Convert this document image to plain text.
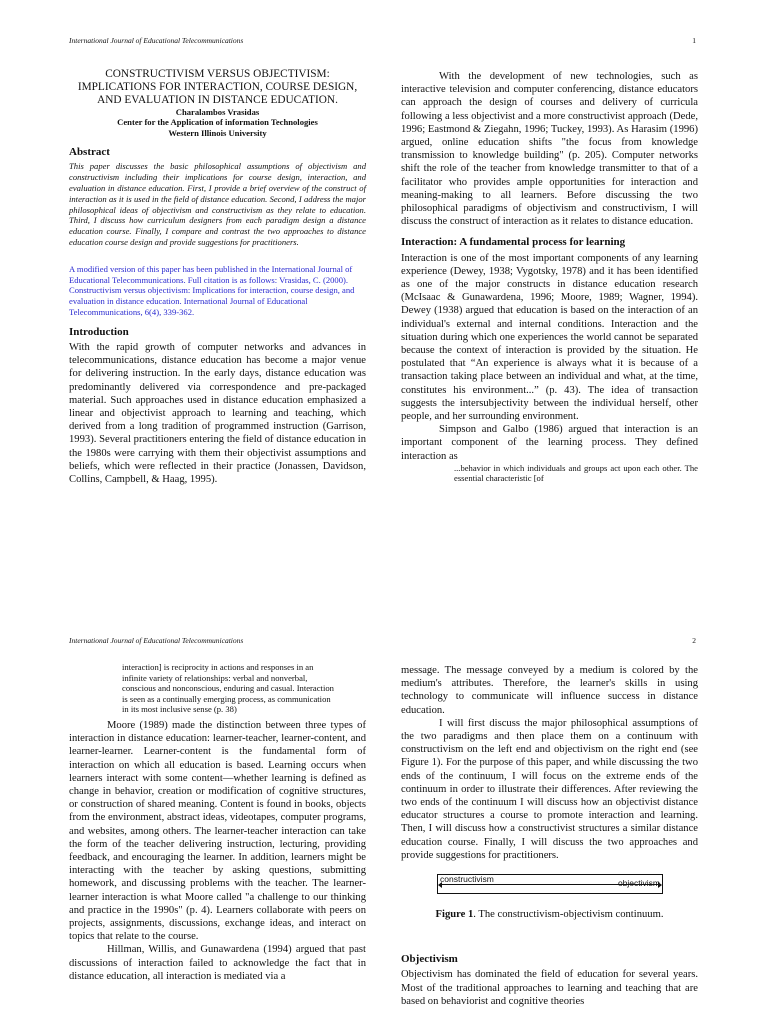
International Journal of Educational Telecommunications	1
CONSTRUCTIVISM VERSUS OBJECTIVISM:
IMPLICATIONS FOR INTERACTION, COURSE DESIGN,
AND EVALUATION IN DISTANCE EDUCATION.
Charalambos Vrasidas
Center for the Application of information Technologies
Western Illinois University
Abstract

This paper discusses the basic philosophical assumptions of objectivism and constructivism including their implications for course design, interaction, and evaluation in distance education. First, I provide a brief overview of the construct of interaction as it is used in the field of distance education. Second, I address the major philosophical ideas of objectivism and constructivism as they relate to education. Third, I discuss how curriculum designers from each paradigm design a distance education course. Finally, I compare and contrast the two approaches to distance education course design and provide suggestions for practitioners.

A modified version of this paper has been published in the International Journal of Educational Telecommunications. Full citation is as follows: Vrasidas, C. (2000). Constructivism versus objectivism: Implications for interaction, course design, and evaluation in distance education. International Journal of Educational Telecommunications, 6(4), 339-362.

Introduction

With the rapid growth of computer networks and advances in telecommunications, distance education has become a major venue for delivering instruction. In the early days, distance education was predominantly delivered via correspondence and pre-packaged material. Such approaches used in distance education emphasized a linear and objectivist approach to learning and teaching, which derived from a long tradition of programmed instruction (Garrison, 1993). Several practitioners entering the field of distance education in the 1980s were carrying with them their objectivist assumptions and beliefs, which were reflected in their practice (Jonassen, Davidson, Collins, Campbell, & Haag, 1995).

With the development of new technologies, such as interactive television and computer conferencing, distance educators can approach the design of courses and delivery of curricula following a less objectivist and a more constructivist approach (Dede, 1996; Eastmond & Ziegahn, 1996; Tuckey, 1993). As Harasim (1996) argued, online education shifts "the focus from knowledge transmission to knowledge building" (p. 205). Computer networks shift the role of the teacher from knowledge transmitter to that of a facilitator who provides ample opportunities for interaction and meaning-making to all learners. Before discussing the two philosophical paradigms of objectivism and constructivism, I will discuss the construct of interaction as it relates to distance education.

Interaction: A fundamental process for learning

Interaction is one of the most important components of any learning experience (Dewey, 1938; Vygotsky, 1978) and it has been identified as one of the major constructs in distance education research (McIsaac & Gunawardena, 1996; Moore, 1989; Wagner, 1994). Dewey (1938) argued that education is based on the interaction of an individual's external and internal conditions. Interaction and the situation during which one experiences the world cannot be separated because the context of interaction is provided by the situation. He postulated that “An experience is always what it is because of a transaction taking place between an individual and what, at the time, constitutes his environment...” (p. 43). The idea of transaction suggests the intersubjectivity between the individual herself, other people, and her surrounding environment.

Simpson and Galbo (1986) argued that interaction is an important component of the learning process. They defined interaction as

...behavior in which individuals and groups act upon each other. The essential characteristic [of

International Journal of Educational Telecommunications	2

interaction] is reciprocity in actions and responses in an infinite variety of relationships: verbal and nonverbal, conscious and nonconscious, enduring and casual. Interaction is seen as a continually emerging process, as communication in its most inclusive sense (p. 38)

Moore (1989) made the distinction between three types of interaction in distance education: learner-teacher, learner-content, and learner-learner. Learner-content is the fundamental form of interaction on which all education is based. Learning occurs when learners interact with some content—whether learning is defined as change in behavior, creation or modification of cognitive structures, or construction of shared meaning. Content is found in books, objects from the environment, abstract ideas, videotapes, computer programs, and websites, among others. The learner-teacher interaction can take the form of the teacher delivering instruction, lecturing, providing feedback, and encouraging the learner. In addition, learners might be interacting with the teacher by asking questions, submitting homework, and discussing problems with the teacher. The learner-learner interaction is what Moore called "a challenge to our thinking and practice in the 1990s" (p. 4). Learners collaborate with peers on projects, assignments, discussions, exchange ideas, and interact on topics that relate to the course.

Hillman, Willis, and Gunawardena (1994) argued that past discussions of interaction failed to acknowledge the fact that in distance education, all interaction is mediated via a

message. The message conveyed by a medium is colored by the medium's attributes. Therefore, the learner's skills in using technology to communicate will influence success in distance education.

I will first discuss the major philosophical assumptions of the two paradigms and then place them on a continuum with constructivism on the left end and objectivism on the right end (see Figure 1). For the purpose of this paper, and while discussing the two ends of the continuum, I will focus on the extreme ends of the continuum in order to illustrate their differences. After reviewing the two ends of the continuum I will discuss how an objectivist distance educator structures a course to promote interaction and learning. Then, I will discuss how a constructivist structures a similar distance education course. Finally, I will discuss the two approaches and provide suggestions for practitioners.

constructivism	objectivism
Figure 1. The constructivism-objectivism continuum.
Objectivism

Objectivism has dominated the field of education for several years. Most of the traditional approaches to learning and teaching that are based on behaviorist and cognitive theories
